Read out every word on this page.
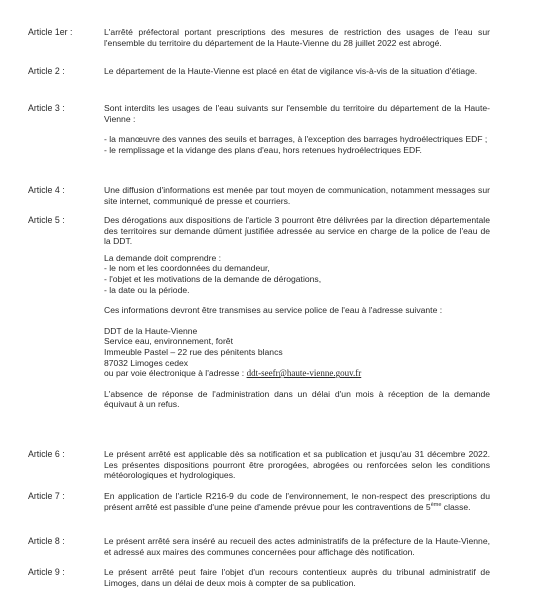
Article 1er :	L'arrêté préfectoral portant prescriptions des mesures de restriction des usages de l'eau sur l'ensemble du territoire du département de la Haute-Vienne du 28 juillet 2022 est abrogé.
Article 2 :	Le département de la Haute-Vienne est placé en état de vigilance vis-à-vis de la situation d'étiage.
Article 3 :	Sont interdits les usages de l'eau suivants sur l'ensemble du territoire du département de la Haute-Vienne :

- la manœuvre des vannes des seuils et barrages, à l'exception des barrages hydroélectriques EDF ;

- le remplissage et la vidange des plans d'eau, hors retenues hydroélectriques EDF.

Article 4 :	Une diffusion d'informations est menée par tout moyen de communication, notamment messages sur site internet, communiqué de presse et courriers.
Article 5 :	Des dérogations aux dispositions de l'article 3 pourront être délivrées par la direction départementale des territoires sur demande dûment justifiée adressée au service en charge de la police de l'eau de la DDT.

La demande doit comprendre :

- le nom et les coordonnées du demandeur,

- l'objet et les motivations de la demande de dérogations,

- la date ou la période.

Ces informations devront être transmises au service police de l'eau à l'adresse suivante :

DDT de la Haute-Vienne

Service eau, environnement, forêt

Immeuble Pastel – 22 rue des pénitents blancs

87032 Limoges cedex

ou par voie électronique à l'adresse : ddt-seefr@haute-vienne.gouv.fr

L'absence de réponse de l'administration dans un délai d'un mois à réception de la demande équivaut à un refus.

Article 6 :	Le présent arrêté est applicable dès sa notification et sa publication et jusqu'au 31 décembre 2022. Les présentes dispositions pourront être prorogées, abrogées ou renforcées selon les conditions météorologiques et hydrologiques.
Article 7 :	En application de l'article R216-9 du code de l'environnement, le non-respect des prescriptions du présent arrêté est passible d'une peine d'amende prévue pour les contraventions de 5ème classe.
Article 8 :	Le présent arrêté sera inséré au recueil des actes administratifs de la préfecture de la Haute-Vienne, et adressé aux maires des communes concernées pour affichage dès notification.
Article 9 :	Le présent arrêté peut faire l'objet d'un recours contentieux auprès du tribunal administratif de Limoges, dans un délai de deux mois à compter de sa publication.
